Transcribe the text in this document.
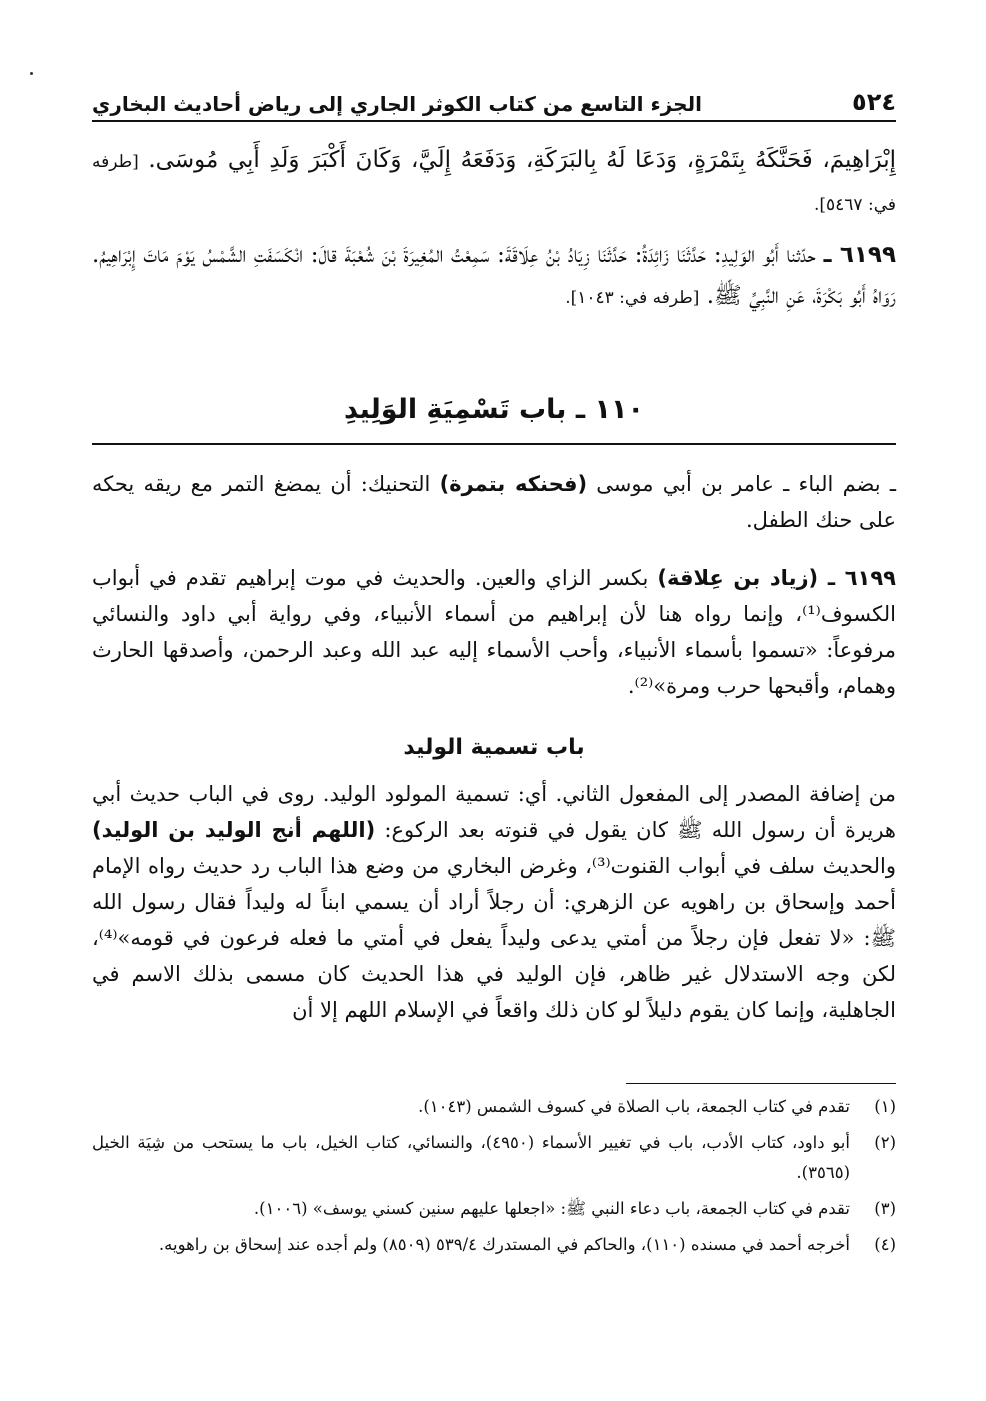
٥٢٤
الجزء التاسع من كتاب الكوثر الجاري إلى رياض أحاديث البخاري
إِبْرَاهِيمَ، فَحَنَّكَهُ بِتَمْرَةٍ، وَدَعَا لَهُ بِالبَرَكَةِ، وَدَفَعَهُ إِلَيَّ، وَكَانَ أَكْبَرَ وَلَدِ أَبِي مُوسَى. [طرفه في: ٥٤٦٧].
٦١٩٩ ـ حدّثنا أَبُو الوَلِيدِ: حَدَّثَنَا زَائِدَةُ: حَدَّثَنَا زِيَادُ بْنُ عِلَاقَةَ: سَمِعْتُ المُغِيرَةَ بْنَ شُعْبَةَ قالَ: انْكَسَفَتِ الشَّمْسُ يَوْمَ مَاتَ إِبْرَاهِيمُ. رَوَاهُ أَبُو بَكْرَةَ، عَنِ النَّبِيِّ ﷺ. [طرفه في: ١٠٤٣].
١١٠ ـ باب تَسْمِيَةِ الوَلِيدِ
ـ بضم الباء ـ عامر بن أبي موسى (فحنكه بتمرة) التحنيك: أن يمضغ التمر مع ريقه يحكه على حنك الطفل.
٦١٩٩ ـ (زياد بن عِلاقة) بكسر الزاي والعين. والحديث في موت إبراهيم تقدم في أبواب الكسوف⁽¹⁾، وإنما رواه هنا لأن إبراهيم من أسماء الأنبياء، وفي رواية أبي داود والنسائي مرفوعاً: «تسموا بأسماء الأنبياء، وأحب الأسماء إليه عبد الله وعبد الرحمن، وأصدقها الحارث وهمام، وأقبحها حرب ومرة»⁽²⁾.
باب تسمية الوليد
من إضافة المصدر إلى المفعول الثاني. أي: تسمية المولود الوليد. روى في الباب حديث أبي هريرة أن رسول الله ﷺ كان يقول في قنوته بعد الركوع: (اللهم أنج الوليد بن الوليد) والحديث سلف في أبواب القنوت⁽³⁾، وغرض البخاري من وضع هذا الباب رد حديث رواه الإمام أحمد وإسحاق بن راهويه عن الزهري: أن رجلاً أراد أن يسمي ابناً له وليداً فقال رسول الله ﷺ: «لا تفعل فإن رجلاً من أمتي يدعى وليداً يفعل في أمتي ما فعله فرعون في قومه»⁽⁴⁾، لكن وجه الاستدلال غير ظاهر، فإن الوليد في هذا الحديث كان مسمى بذلك الاسم في الجاهلية، وإنما كان يقوم دليلاً لو كان ذلك واقعاً في الإسلام اللهم إلا أن
(١)
تقدم في كتاب الجمعة، باب الصلاة في كسوف الشمس (١٠٤٣).
(٢)
أبو داود، كتاب الأدب، باب في تغيير الأسماء (٤٩٥٠)، والنسائي، كتاب الخيل، باب ما يستحب من شِيَة الخيل (٣٥٦٥).
(٣)
تقدم في كتاب الجمعة، باب دعاء النبي ﷺ: «اجعلها عليهم سنين كسني يوسف» (١٠٠٦).
(٤)
أخرجه أحمد في مسنده (١١٠)، والحاكم في المستدرك ٥٣٩/٤ (٨٥٠٩) ولم أجده عند إسحاق بن راهويه.
